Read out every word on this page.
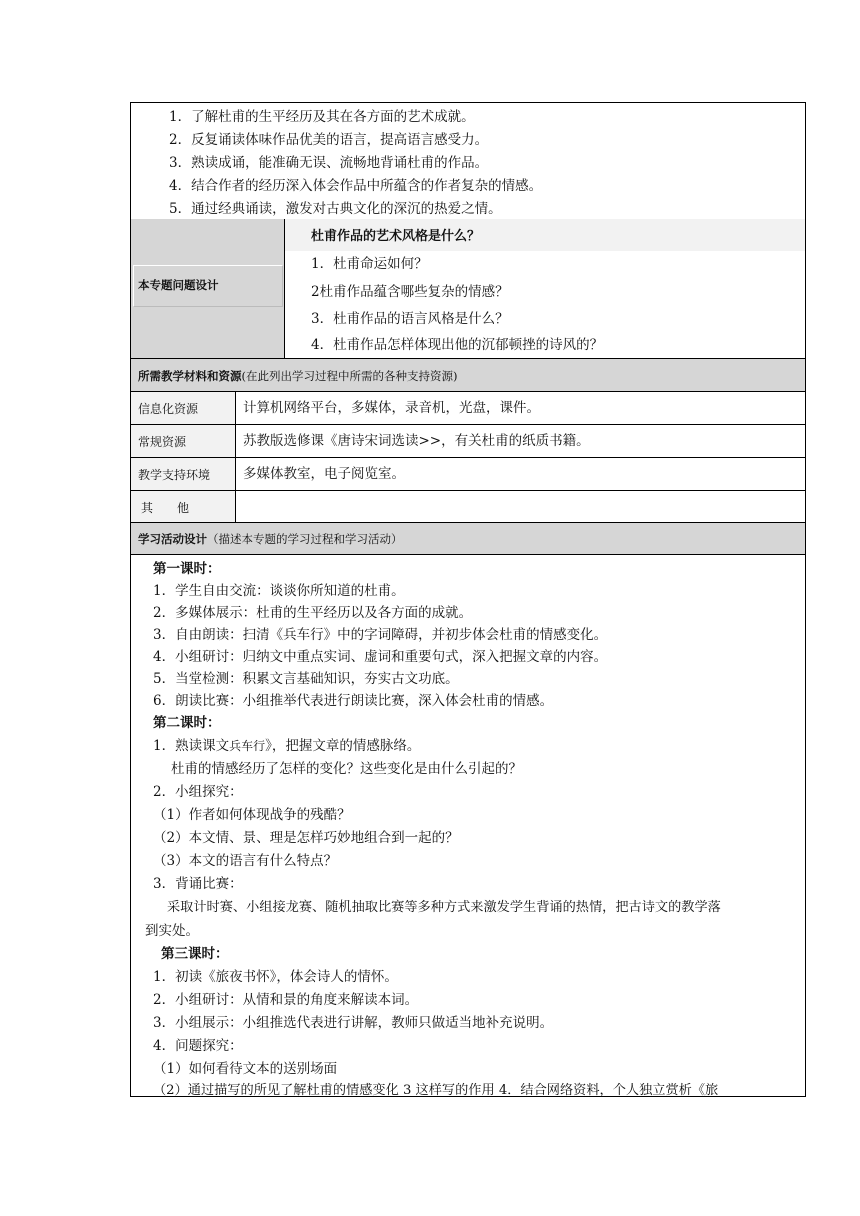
1．了解杜甫的生平经历及其在各方面的艺术成就。
2．反复诵读体味作品优美的语言，提高语言感受力。
3．熟读成诵，能准确无误、流畅地背诵杜甫的作品。
4．结合作者的经历深入体会作品中所蕴含的作者复杂的情感。
5．通过经典诵读，激发对古典文化的深沉的热爱之情。
本专题问题设计
杜甫作品的艺术风格是什么？
1．杜甫命运如何？
2杜甫作品蕴含哪些复杂的情感？
3．杜甫作品的语言风格是什么？
4．杜甫作品怎样体现出他的沉郁顿挫的诗风的？
所需教学材料和资源(在此列出学习过程中所需的各种支持资源)
信息化资源	计算机网络平台，多媒体，录音机，光盘，课件。
常规资源	苏教版选修课《唐诗宋词选读>>，有关杜甫的纸质书籍。
教学支持环境 多媒体教室，电子阅览室。
其　　他
学习活动设计（描述本专题的学习过程和学习活动）
第一课时：
1．学生自由交流：谈谈你所知道的杜甫。
2．多媒体展示：杜甫的生平经历以及各方面的成就。
3．自由朗读：扫清《兵车行》中的字词障碍，并初步体会杜甫的情感变化。
4．小组研讨：归纳文中重点实词、虚词和重要句式，深入把握文章的内容。
5．当堂检测：积累文言基础知识，夯实古文功底。
6．朗读比赛：小组推举代表进行朗读比赛，深入体会杜甫的情感。
第二课时：
1．熟读课文兵车行》，把握文章的情感脉络。
杜甫的情感经历了怎样的变化？这些变化是由什么引起的？
2．小组探究：
（1）作者如何体现战争的残酷？
（2）本文情、景、理是怎样巧妙地组合到一起的？
（3）本文的语言有什么特点？
3．背诵比赛：
采取计时赛、小组接龙赛、随机抽取比赛等多种方式来激发学生背诵的热情，把古诗文的教学落
到实处。
第三课时：
1．初读《旅夜书怀》，体会诗人的情怀。
2．小组研讨：从情和景的角度来解读本词。
3．小组展示：小组推选代表进行讲解，教师只做适当地补充说明。
4．问题探究：
（1）如何看待文本的送别场面
（2）通过描写的所见了解杜甫的情感变化 3 这样写的作用 4．结合网络资料，个人独立赏析《旅
